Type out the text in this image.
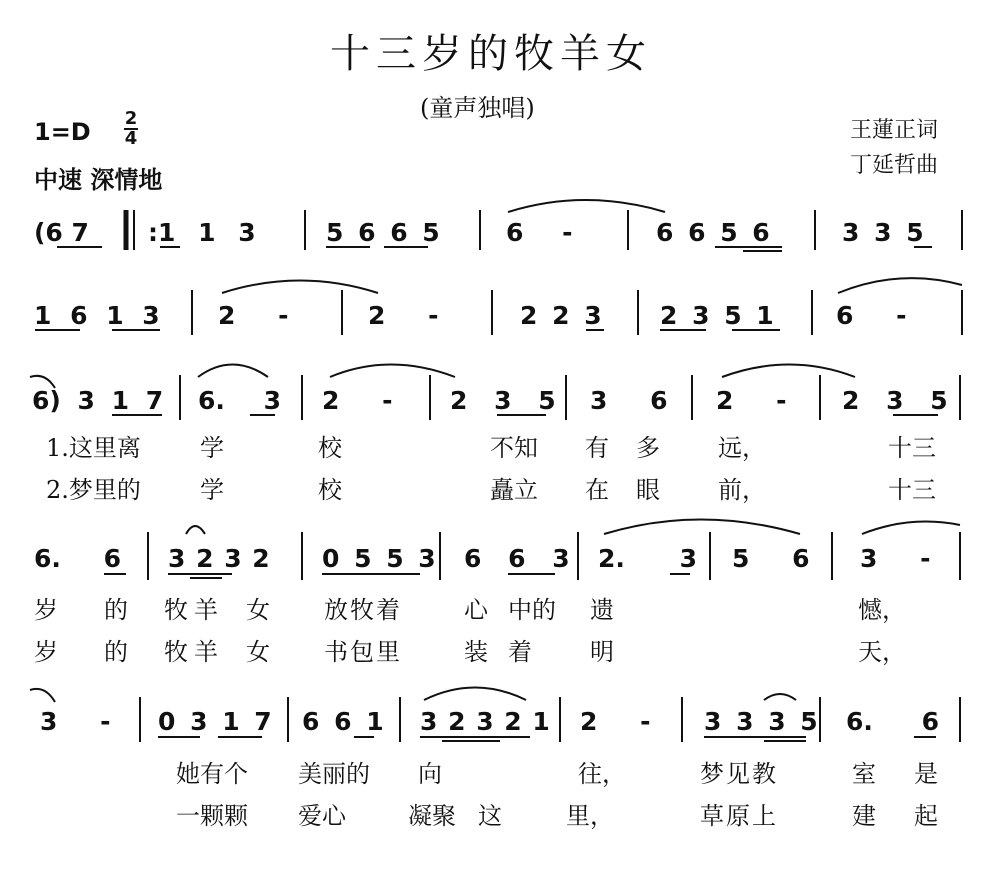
十三岁的牧羊女
(童声独唱)
1=D 2
4
中速 深情地
王蓮正词
丁延哲曲
(6 7 :1 1 3	5 6 6 5	6 -	6 6 5 6	3 3 5
1 6 1 3 2 -	2 -	2 2 3 2 3 5 1 6 -
6) 3 1 7 6. 3 2 - 2 3 5 3 6 2 - 2 3 5
1.这里离 学	校	不知 有 多 远，	十三
2.梦里的 学	校	矗立 在 眼 前，	十三
6. 6 3 2 3 2 0 5 5 3 6 6 3 2. 3 5 6 3 -
岁 的 牧羊 女 放牧着	心 中的 遗	憾，
岁 的 牧羊 女 书包里	装 着 明	天，
3 - 0 3 1 7 6 6 1 3 2 3 2 1 2 - 3 3 3 5 6. 6
她有个 美丽的 向	往，	梦见教	室 是
一颗颗 爱心	凝聚 这	里，	草原上	建 起
